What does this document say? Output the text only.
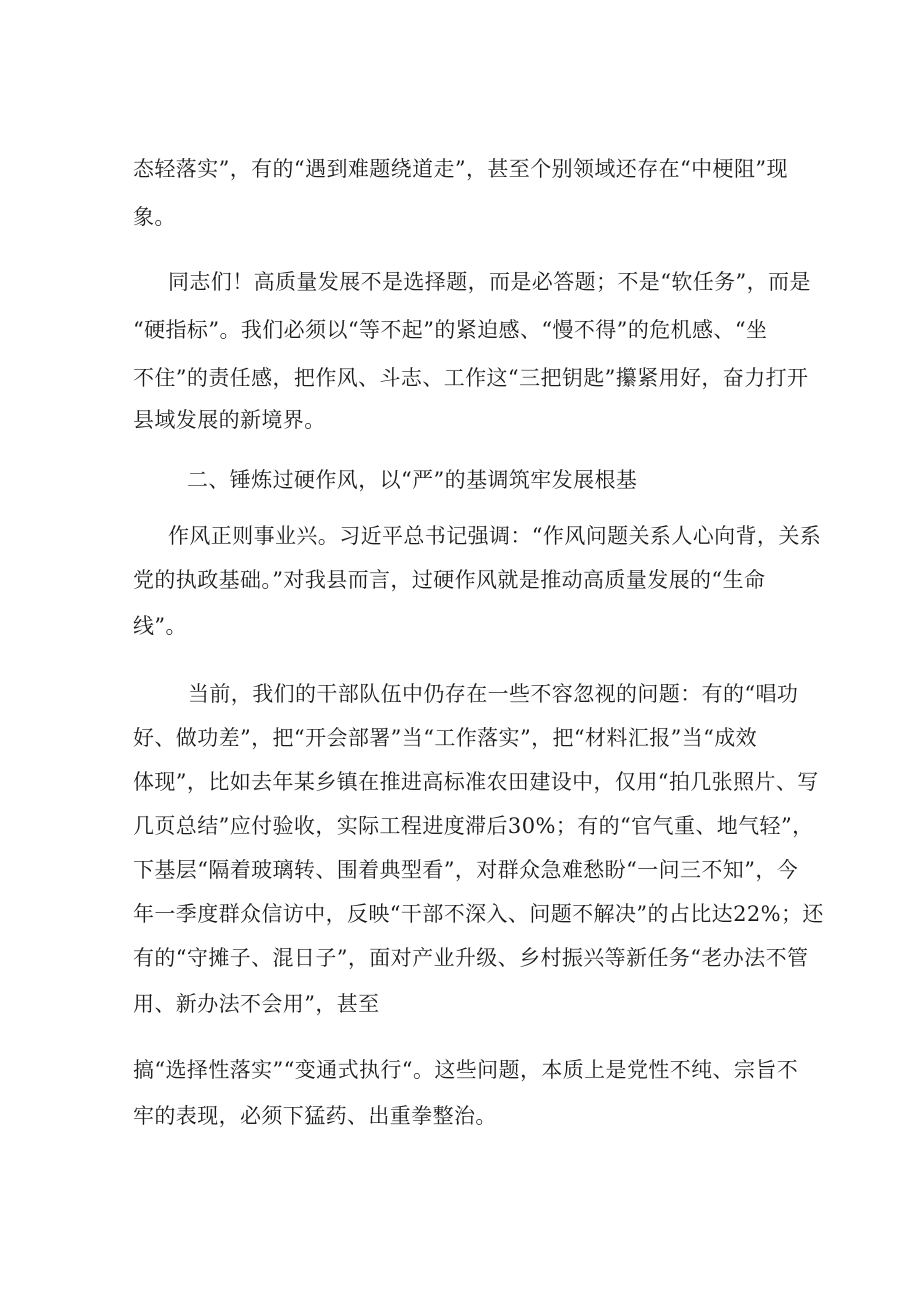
态轻落实”，有的“遇到难题绕道走”，甚至个别领域还存在“中梗阻”现
象。
同志们！高质量发展不是选择题，而是必答题；不是“软任务”，而是
“硬指标”。我们必须以“等不起”的紧迫感、“慢不得”的危机感、“坐
不住”的责任感，把作风、斗志、工作这“三把钥匙”攥紧用好，奋力打开
县域发展的新境界。
二、锤炼过硬作风，以“严”的基调筑牢发展根基
作风正则事业兴。习近平总书记强调：“作风问题关系人心向背，关系
党的执政基础。”对我县而言，过硬作风就是推动高质量发展的“生命
线”。
当前，我们的干部队伍中仍存在一些不容忽视的问题：有的“唱功
好、做功差”，把“开会部署”当“工作落实”，把“材料汇报”当“成效
体现”，比如去年某乡镇在推进高标准农田建设中，仅用“拍几张照片、写
几页总结”应付验收，实际工程进度滞后30%；有的“官气重、地气轻”，
下基层“隔着玻璃转、围着典型看”，对群众急难愁盼“一问三不知”，今
年一季度群众信访中，反映“干部不深入、问题不解决”的占比达22%；还
有的“守摊子、混日子”，面对产业升级、乡村振兴等新任务“老办法不管
用、新办法不会用”，甚至
搞“选择性落实”“变通式执行“。这些问题，本质上是党性不纯、宗旨不
牢的表现，必须下猛药、出重拳整治。
